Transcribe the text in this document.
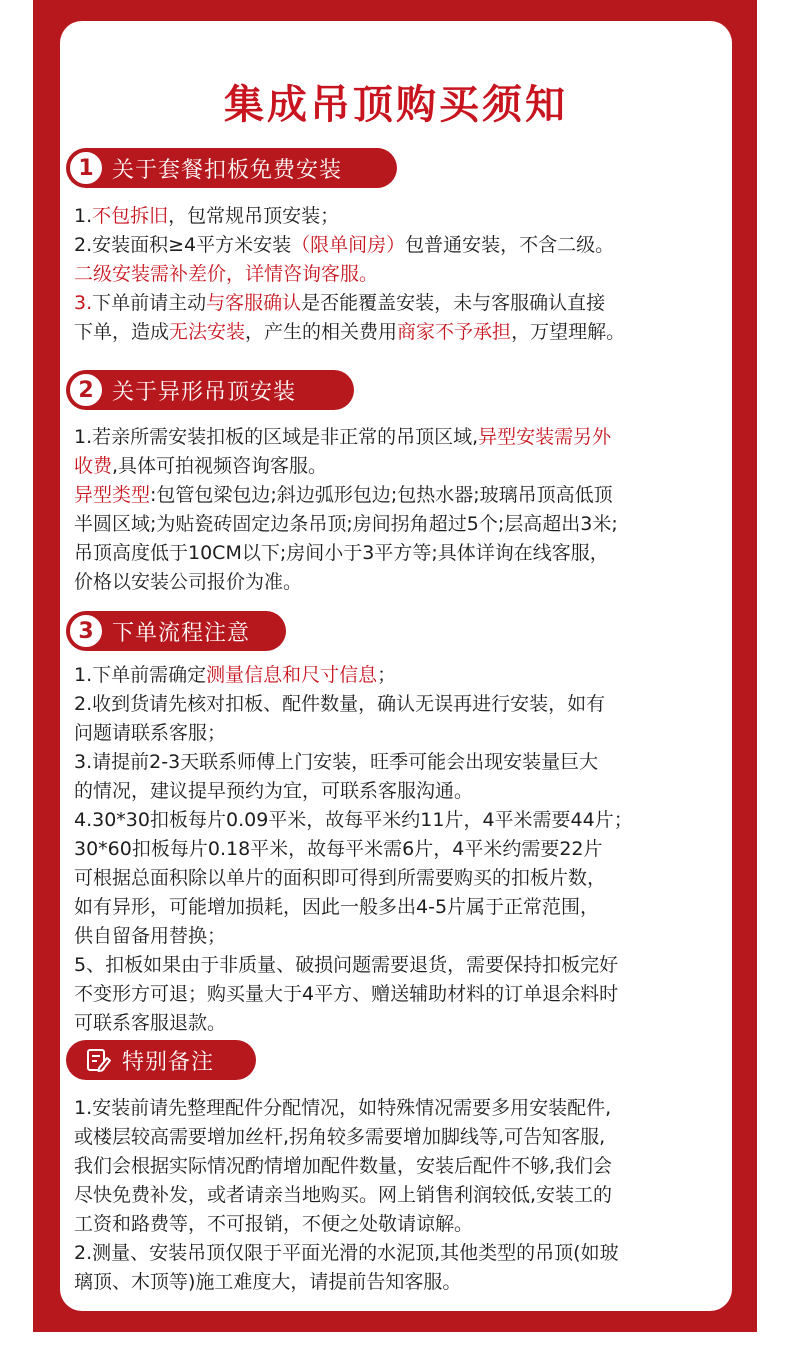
集成吊顶购买须知
1 关于套餐扣板免费安装

1.不包拆旧，包常规吊顶安装；

2.安装面积≥4平方米安装（限单间房）包普通安装，不含二级。

二级安装需补差价，详情咨询客服。

3.下单前请主动与客服确认是否能覆盖安装，未与客服确认直接

下单，造成无法安装，产生的相关费用商家不予承担，万望理解。

2 关于异形吊顶安装

1.若亲所需安装扣板的区域是非正常的吊顶区域,异型安装需另外

收费,具体可拍视频咨询客服。

异型类型:包管包梁包边;斜边弧形包边;包热水器;玻璃吊顶高低顶

半圆区域;为贴瓷砖固定边条吊顶;房间拐角超过5个;层高超出3米;

吊顶高度低于10CM以下;房间小于3平方等;具体详询在线客服，

价格以安装公司报价为准。

3 下单流程注意

1.下单前需确定测量信息和尺寸信息；

2.收到货请先核对扣板、配件数量，确认无误再进行安装，如有

问题请联系客服；

3.请提前2-3天联系师傅上门安装，旺季可能会出现安装量巨大

的情况，建议提早预约为宜，可联系客服沟通。

4.30*30扣板每片0.09平米，故每平米约11片，4平米需要44片；

30*60扣板每片0.18平米，故每平米需6片，4平米约需要22片

可根据总面积除以单片的面积即可得到所需要购买的扣板片数，

如有异形，可能增加损耗，因此一般多出4-5片属于正常范围，

供自留备用替换；

5、扣板如果由于非质量、破损问题需要退货，需要保持扣板完好

不变形方可退；购买量大于4平方、赠送辅助材料的订单退余料时

可联系客服退款。

特别备注

1.安装前请先整理配件分配情况，如特殊情况需要多用安装配件,

或楼层较高需要增加丝杆,拐角较多需要增加脚线等,可告知客服,

我们会根据实际情况酌情增加配件数量，安装后配件不够,我们会

尽快免费补发，或者请亲当地购买。网上销售利润较低,安装工的

工资和路费等，不可报销，不便之处敬请谅解。

2.测量、安装吊顶仅限于平面光滑的水泥顶,其他类型的吊顶(如玻

璃顶、木顶等)施工难度大，请提前告知客服。
